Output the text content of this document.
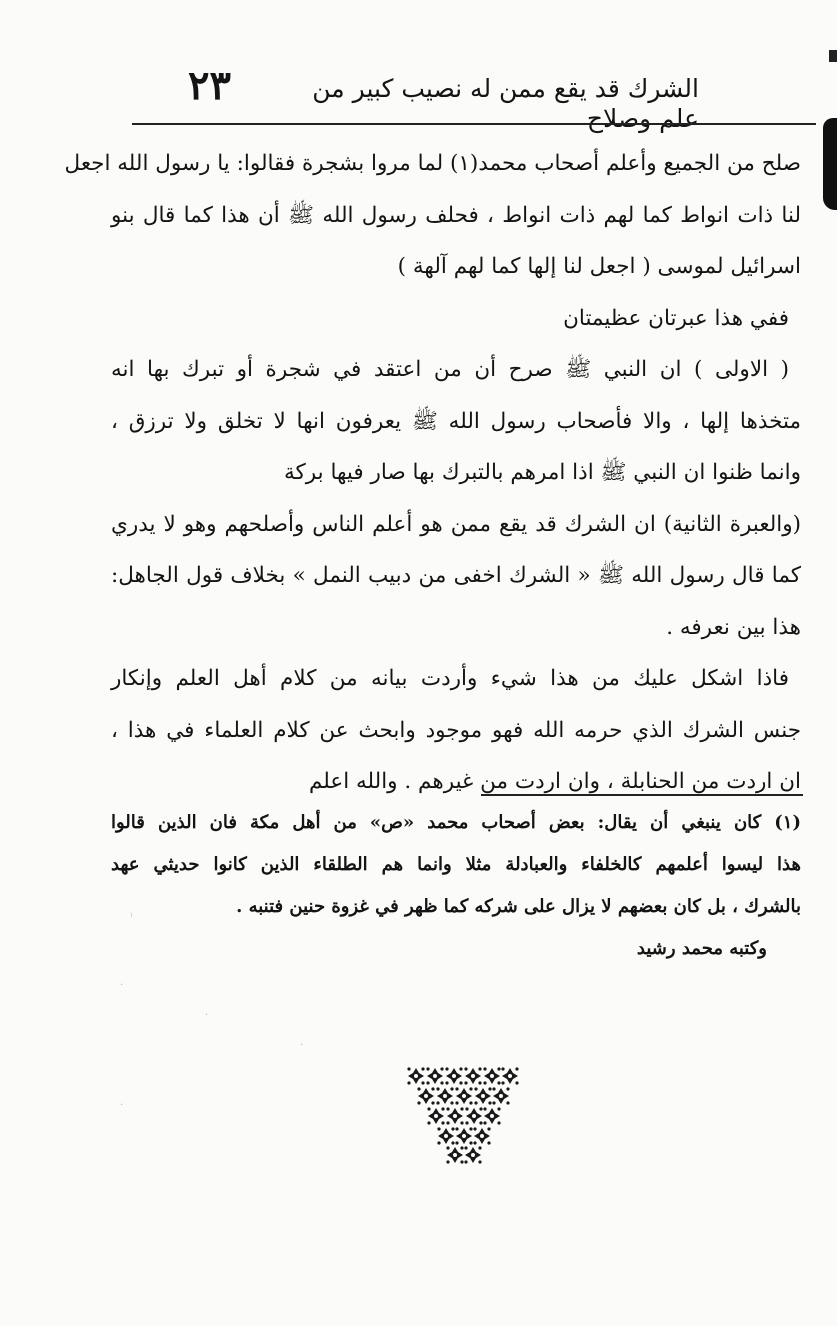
٢٣	الشرك قد يقع ممن له نصيب كبير من علم وصلاح
صلح من الجميع وأعلم أصحاب محمد(١) لما مروا بشجرة فقالوا: يا رسول الله اجعل
لنا ذات انواط كما لهم ذات انواط ، فحلف رسول الله ﷺ أن هذا كما قال بنو
اسرائيل لموسى ( اجعل لنا إلها كما لهم آلهة )
ففي هذا عبرتان عظيمتان
( الاولى ) ان النبي ﷺ صرح أن من اعتقد في شجرة أو تبرك بها انه
متخذها إلها ، والا فأصحاب رسول الله ﷺ يعرفون انها لا تخلق ولا ترزق ،
وانما ظنوا ان النبي ﷺ اذا امرهم بالتبرك بها صار فيها بركة
(والعبرة الثانية) ان الشرك قد يقع ممن هو أعلم الناس وأصلحهم وهو لا يدري
كما قال رسول الله ﷺ « الشرك اخفى من دبيب النمل » بخلاف قول الجاهل:
هذا بين نعرفه .
فاذا اشكل عليك من هذا شيء وأردت بيانه من كلام أهل العلم وإنكار
جنس الشرك الذي حرمه الله فهو موجود وابحث عن كلام العلماء في هذا ،
ان اردت من الحنابلة ، وان اردت من غيرهم . والله اعلم
(١) كان ينبغي أن يقال: بعض أصحاب محمد «ص» من أهل مكة فان الذين قالوا
هذا ليسوا أعلمهم كالخلفاء والعبادلة مثلا وانما هم الطلقاء الذين كانوا حديثي عهد
بالشرك ، بل كان بعضهم لا يزال على شركه كما ظهر في غزوة حنين فتنبه .
وكتبه محمد رشيد
⁽
·
·
·
·
